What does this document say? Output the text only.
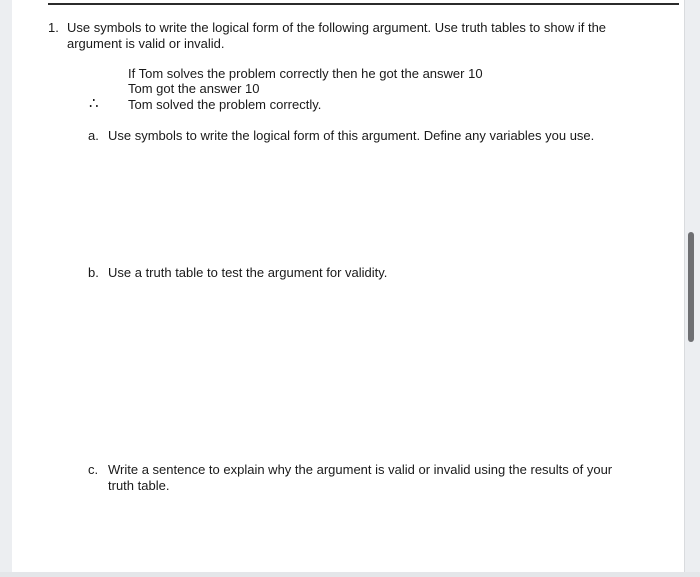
1. Use symbols to write the logical form of the following argument. Use truth tables to show if the
argument is valid or invalid.
If Tom solves the problem correctly then he got the answer 10
Tom got the answer 10
∴ Tom solved the problem correctly.
a. Use symbols to write the logical form of this argument. Define any variables you use.
b. Use a truth table to test the argument for validity.
c. Write a sentence to explain why the argument is valid or invalid using the results of your
truth table.
